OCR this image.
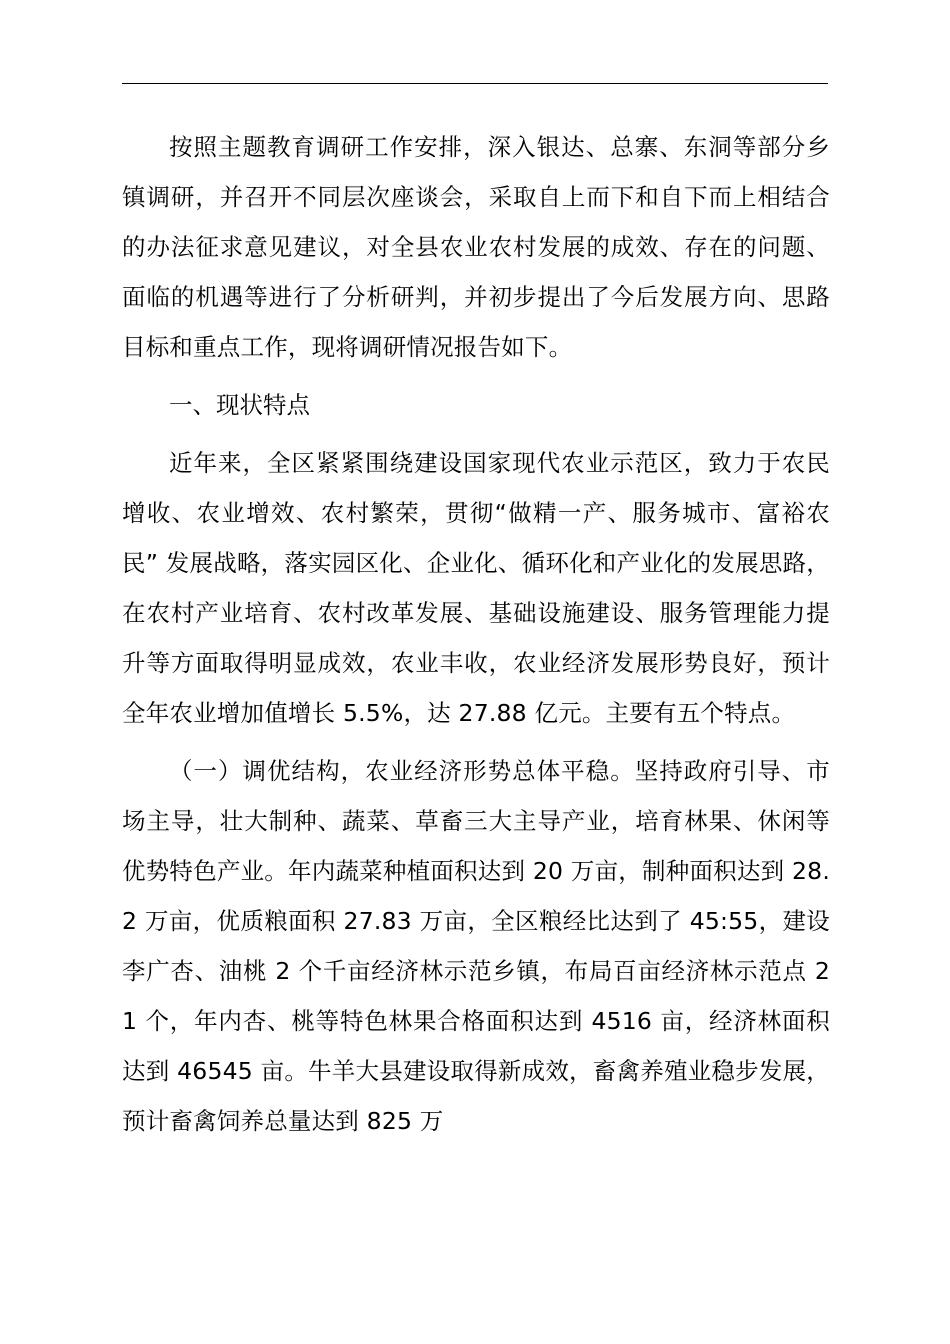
按照主题教育调研工作安排，深入银达、总寨、东洞等部分乡镇调研，并召开不同层次座谈会，采取自上而下和自下而上相结合的办法征求意见建议，对全县农业农村发展的成效、存在的问题、面临的机遇等进行了分析研判，并初步提出了今后发展方向、思路目标和重点工作，现将调研情况报告如下。

一、现状特点

近年来，全区紧紧围绕建设国家现代农业示范区，致力于农民增收、农业增效、农村繁荣，贯彻“做精一产、服务城市、富裕农民” 发展战略，落实园区化、企业化、循环化和产业化的发展思路，在农村产业培育、农村改革发展、基础设施建设、服务管理能力提升等方面取得明显成效，农业丰收，农业经济发展形势良好，预计全年农业增加值增长 5.5%，达 27.88 亿元。主要有五个特点。

（一）调优结构，农业经济形势总体平稳。坚持政府引导、市场主导，壮大制种、蔬菜、草畜三大主导产业，培育林果、休闲等优势特色产业。年内蔬菜种植面积达到 20 万亩，制种面积达到 28.2 万亩，优质粮面积 27.83 万亩，全区粮经比达到了 45:55，建设李广杏、油桃 2 个千亩经济林示范乡镇，布局百亩经济林示范点 21 个，年内杏、桃等特色林果合格面积达到 4516 亩，经济林面积达到 46545 亩。牛羊大县建设取得新成效，畜禽养殖业稳步发展，预计畜禽饲养总量达到 825 万
